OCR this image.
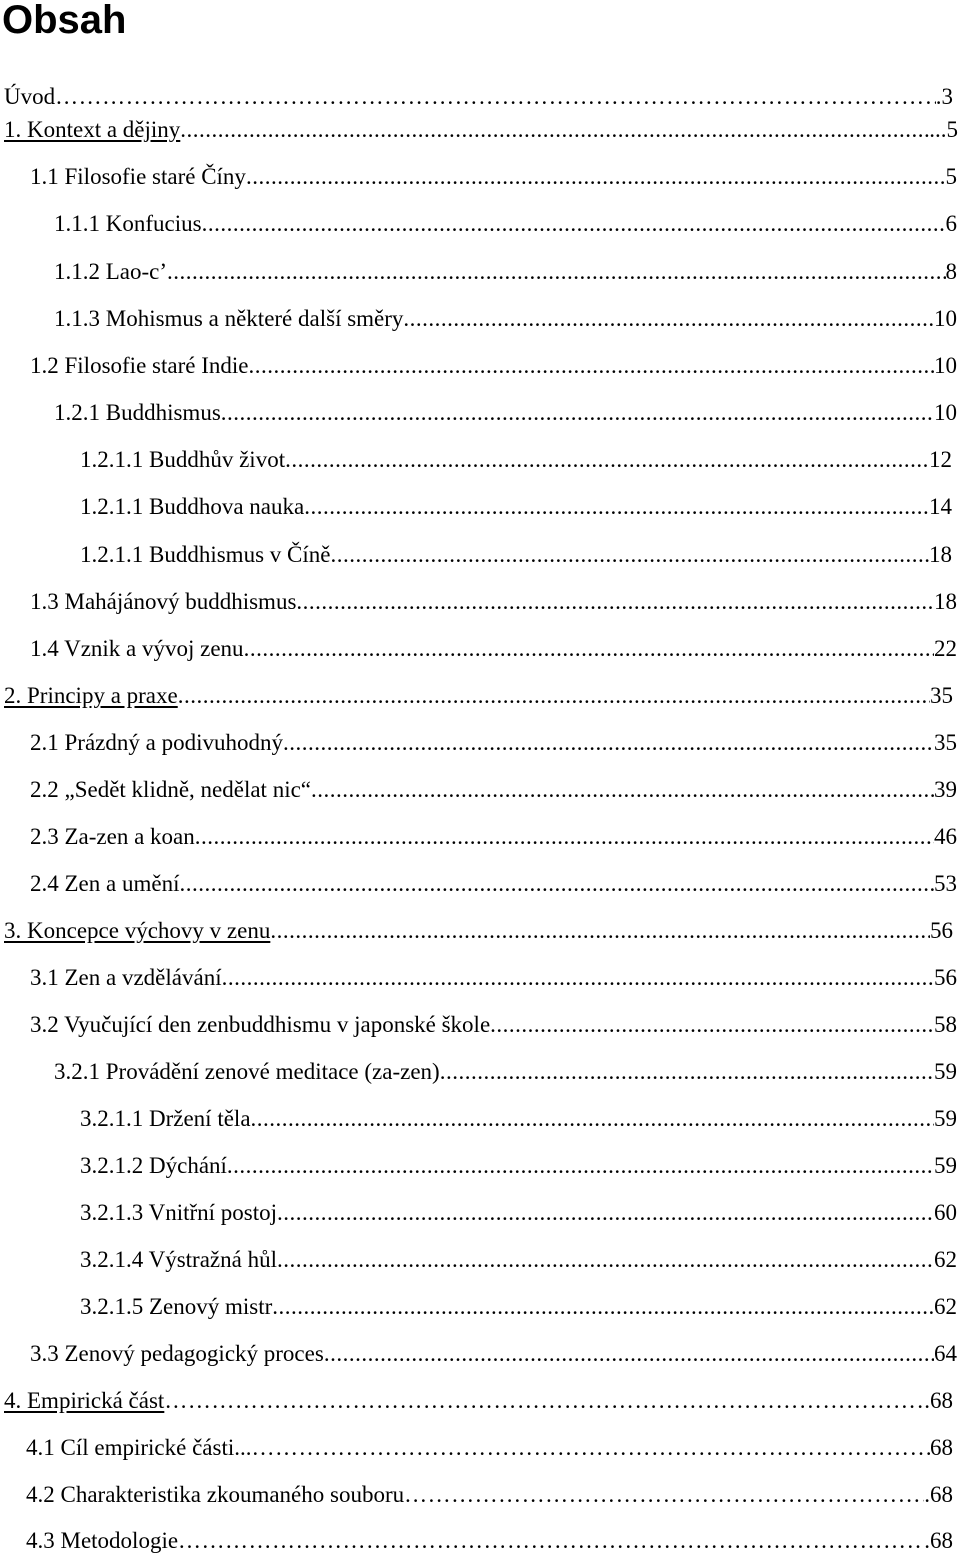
Obsah
Úvod ……………………………………………………………………………………………………………………………………………………………………	.3
1. Kontext a dějiny .....	...5
1.1 Filosofie staré Číny .....	5
1.1.1 Konfucius .....	6
1.1.2 Lao-c’ .....	8
1.1.3 Mohismus a některé další směry .....	10
1.2 Filosofie staré Indie .....	10
1.2.1 Buddhismus .....	10
1.2.1.1 Buddhův život .....	12
1.2.1.1 Buddhova nauka .....	14
1.2.1.1 Buddhismus v Číně .....	18
1.3 Mahájánový buddhismus .....	18
1.4 Vznik a vývoj zenu .....	22
2. Principy a praxe .....	35
2.1 Prázdný a podivuhodný .....	35
2.2 „Sedět klidně, nedělat nic“ .....	39
2.3 Za-zen a koan .....	46
2.4 Zen a umění .....	53
3. Koncepce výchovy v zenu .....	56
3.1 Zen a vzdělávání .....	56
3.2 Vyučující den zenbuddhismu v japonské škole .....	58
3.2.1 Provádění zenové meditace (za-zen) .....	59
3.2.1.1 Držení těla .....	59
3.2.1.2 Dýchání .....	59
3.2.1.3 Vnitřní postoj .....	60
3.2.1.4 Výstražná hůl .....	62
3.2.1.5 Zenový mistr .....	62
3.3 Zenový pedagogický proces .....	64
4. Empirická část ……………………………………………………………………………………………………………………………………………………………………	.68
4.1 Cíl empirické části... ……………………………………………………………………………………………………………………………………………………………………	68
4.2 Charakteristika zkoumaného souboru ……………………………………………………………………………………………………………………………………………………………………	.68
4.3 Metodologie ……………………………………………………………………………………………………………………………………………………………………	.68
